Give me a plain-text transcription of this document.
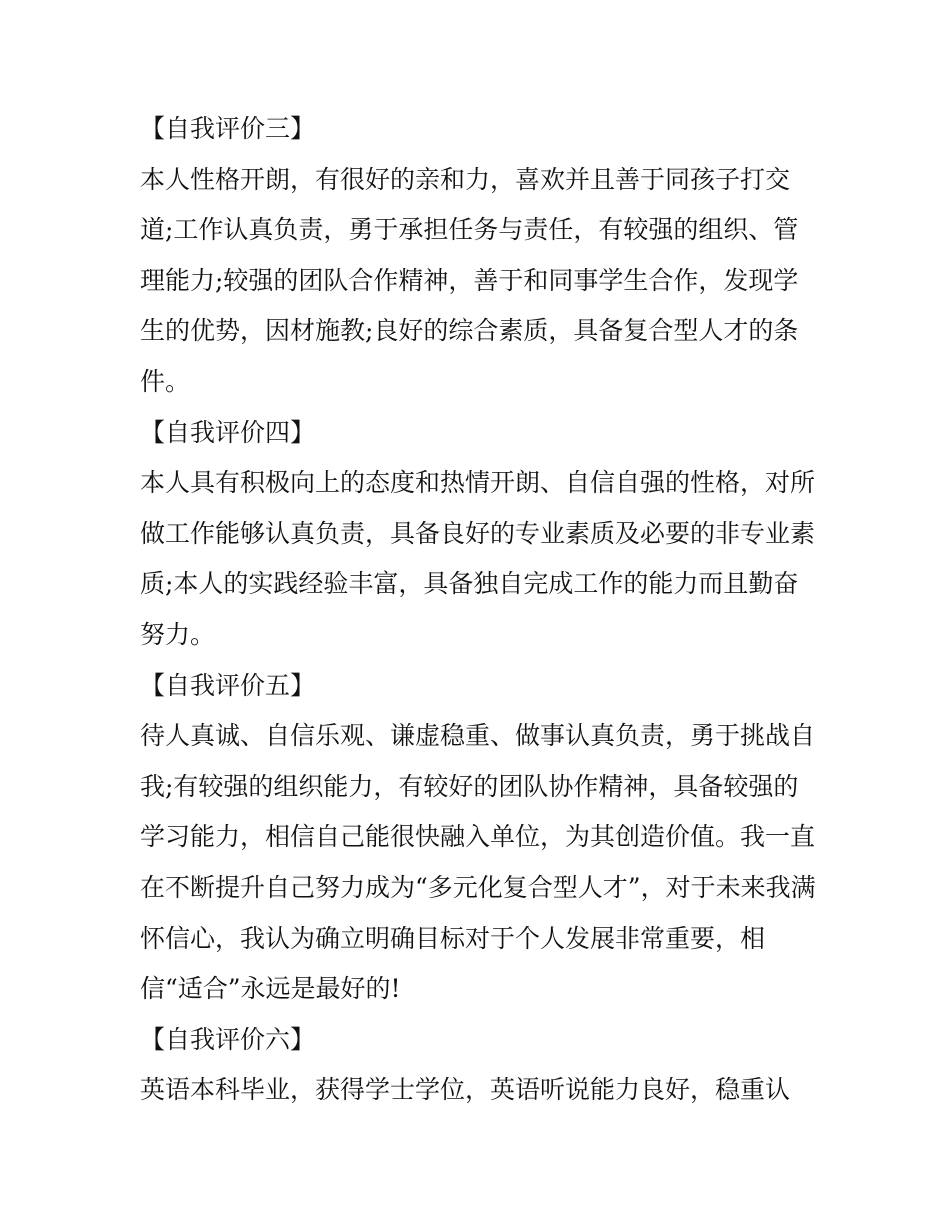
【自我评价三】

本人性格开朗，有很好的亲和力，喜欢并且善于同孩子打交

道;工作认真负责，勇于承担任务与责任，有较强的组织、管

理能力;较强的团队合作精神，善于和同事学生合作，发现学

生的优势，因材施教;良好的综合素质，具备复合型人才的条

件。

【自我评价四】

本人具有积极向上的态度和热情开朗、自信自强的性格，对所

做工作能够认真负责，具备良好的专业素质及必要的非专业素

质;本人的实践经验丰富，具备独自完成工作的能力而且勤奋

努力。

【自我评价五】

待人真诚、自信乐观、谦虚稳重、做事认真负责，勇于挑战自

我;有较强的组织能力，有较好的团队协作精神，具备较强的

学习能力，相信自己能很快融入单位，为其创造价值。我一直

在不断提升自己努力成为“多元化复合型人才”，对于未来我满

怀信心，我认为确立明确目标对于个人发展非常重要，相

信“适合”永远是最好的!

【自我评价六】

英语本科毕业，获得学士学位，英语听说能力良好，稳重认
